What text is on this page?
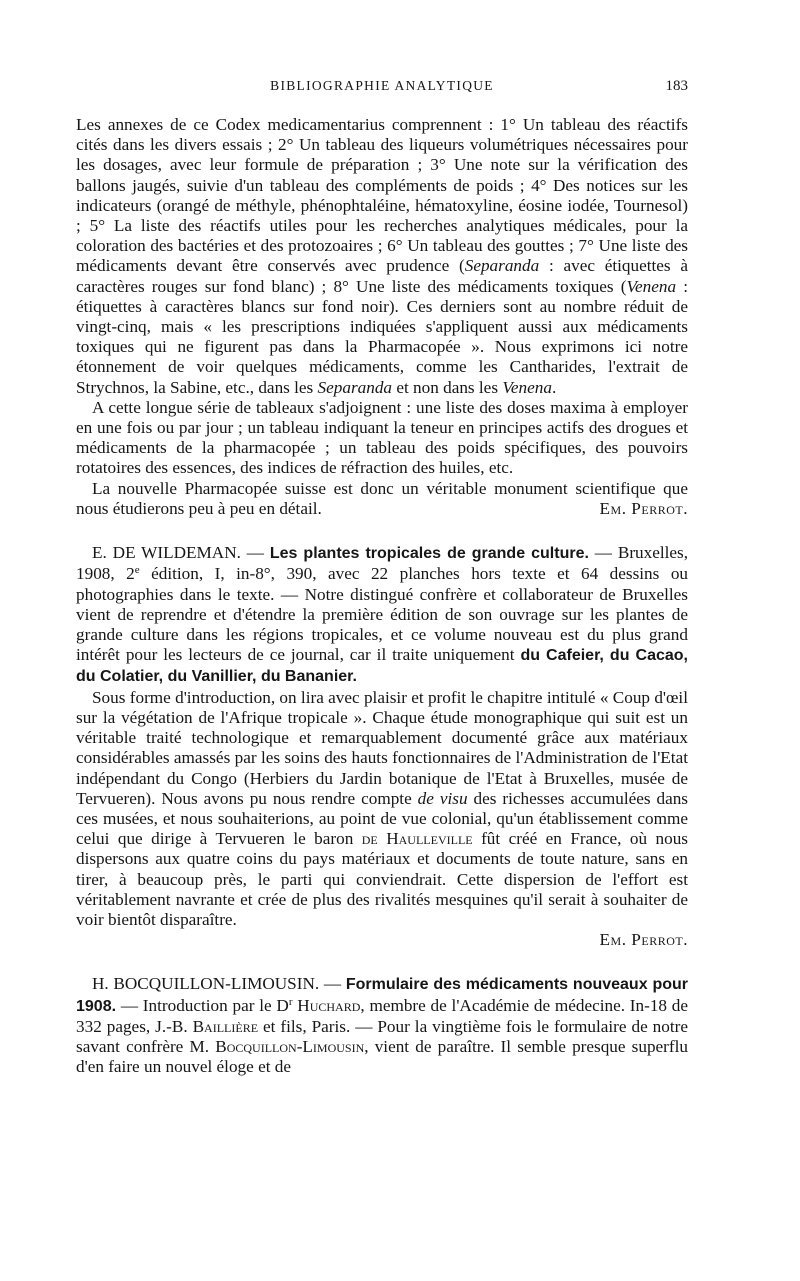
BIBLIOGRAPHIE ANALYTIQUE	183

Les annexes de ce Codex medicamentarius comprennent : 1° Un tableau des réactifs cités dans les divers essais ; 2° Un tableau des liqueurs volumétriques nécessaires pour les dosages, avec leur formule de préparation ; 3° Une note sur la vérification des ballons jaugés, suivie d'un tableau des compléments de poids ; 4° Des notices sur les indicateurs (orangé de méthyle, phénophtaléine, hématoxyline, éosine iodée, Tournesol) ; 5° La liste des réactifs utiles pour les recherches analytiques médicales, pour la coloration des bactéries et des protozoaires ; 6° Un tableau des gouttes ; 7° Une liste des médicaments devant être conservés avec prudence (Separanda : avec étiquettes à caractères rouges sur fond blanc) ; 8° Une liste des médicaments toxiques (Venena : étiquettes à caractères blancs sur fond noir). Ces derniers sont au nombre réduit de vingt-cinq, mais « les prescriptions indiquées s'appliquent aussi aux médicaments toxiques qui ne figurent pas dans la Pharmacopée ». Nous exprimons ici notre étonnement de voir quelques médicaments, comme les Cantharides, l'extrait de Strychnos, la Sabine, etc., dans les Separanda et non dans les Venena.

A cette longue série de tableaux s'adjoignent : une liste des doses maxima à employer en une fois ou par jour ; un tableau indiquant la teneur en principes actifs des drogues et médicaments de la pharmacopée ; un tableau des poids spécifiques, des pouvoirs rotatoires des essences, des indices de réfraction des huiles, etc.

La nouvelle Pharmacopée suisse est donc un véritable monument scientifique que nous étudierons peu à peu en détail.	Em. Perrot.

E. DE WILDEMAN. — Les plantes tropicales de grande culture. — Bruxelles, 1908, 2e édition, I, in-8°, 390, avec 22 planches hors texte et 64 dessins ou photographies dans le texte. — Notre distingué confrère et collaborateur de Bruxelles vient de reprendre et d'étendre la première édition de son ouvrage sur les plantes de grande culture dans les régions tropicales, et ce volume nouveau est du plus grand intérêt pour les lecteurs de ce journal, car il traite uniquement du Cafeier, du Cacao, du Colatier, du Vanillier, du Bananier.

Sous forme d'introduction, on lira avec plaisir et profit le chapitre intitulé « Coup d'œil sur la végétation de l'Afrique tropicale ». Chaque étude monographique qui suit est un véritable traité technologique et remarquablement documenté grâce aux matériaux considérables amassés par les soins des hauts fonctionnaires de l'Administration de l'Etat indépendant du Congo (Herbiers du Jardin botanique de l'Etat à Bruxelles, musée de Tervueren). Nous avons pu nous rendre compte de visu des richesses accumulées dans ces musées, et nous souhaiterions, au point de vue colonial, qu'un établissement comme celui que dirige à Tervueren le baron de Haulleville fût créé en France, où nous dispersons aux quatre coins du pays matériaux et documents de toute nature, sans en tirer, à beaucoup près, le parti qui conviendrait. Cette dispersion de l'effort est véritablement navrante et crée de plus des rivalités mesquines qu'il serait à souhaiter de voir bientôt disparaître.

Em. Perrot.

H. BOCQUILLON-LIMOUSIN. — Formulaire des médicaments nouveaux pour 1908. — Introduction par le $D^r$ Huchard, membre de l'Académie de médecine. In-18 de 332 pages, J.-B. Baillière et fils, Paris. — Pour la vingtième fois le formulaire de notre savant confrère M. Bocquillon-Limousin, vient de paraître. Il semble presque superflu d'en faire un nouvel éloge et de
